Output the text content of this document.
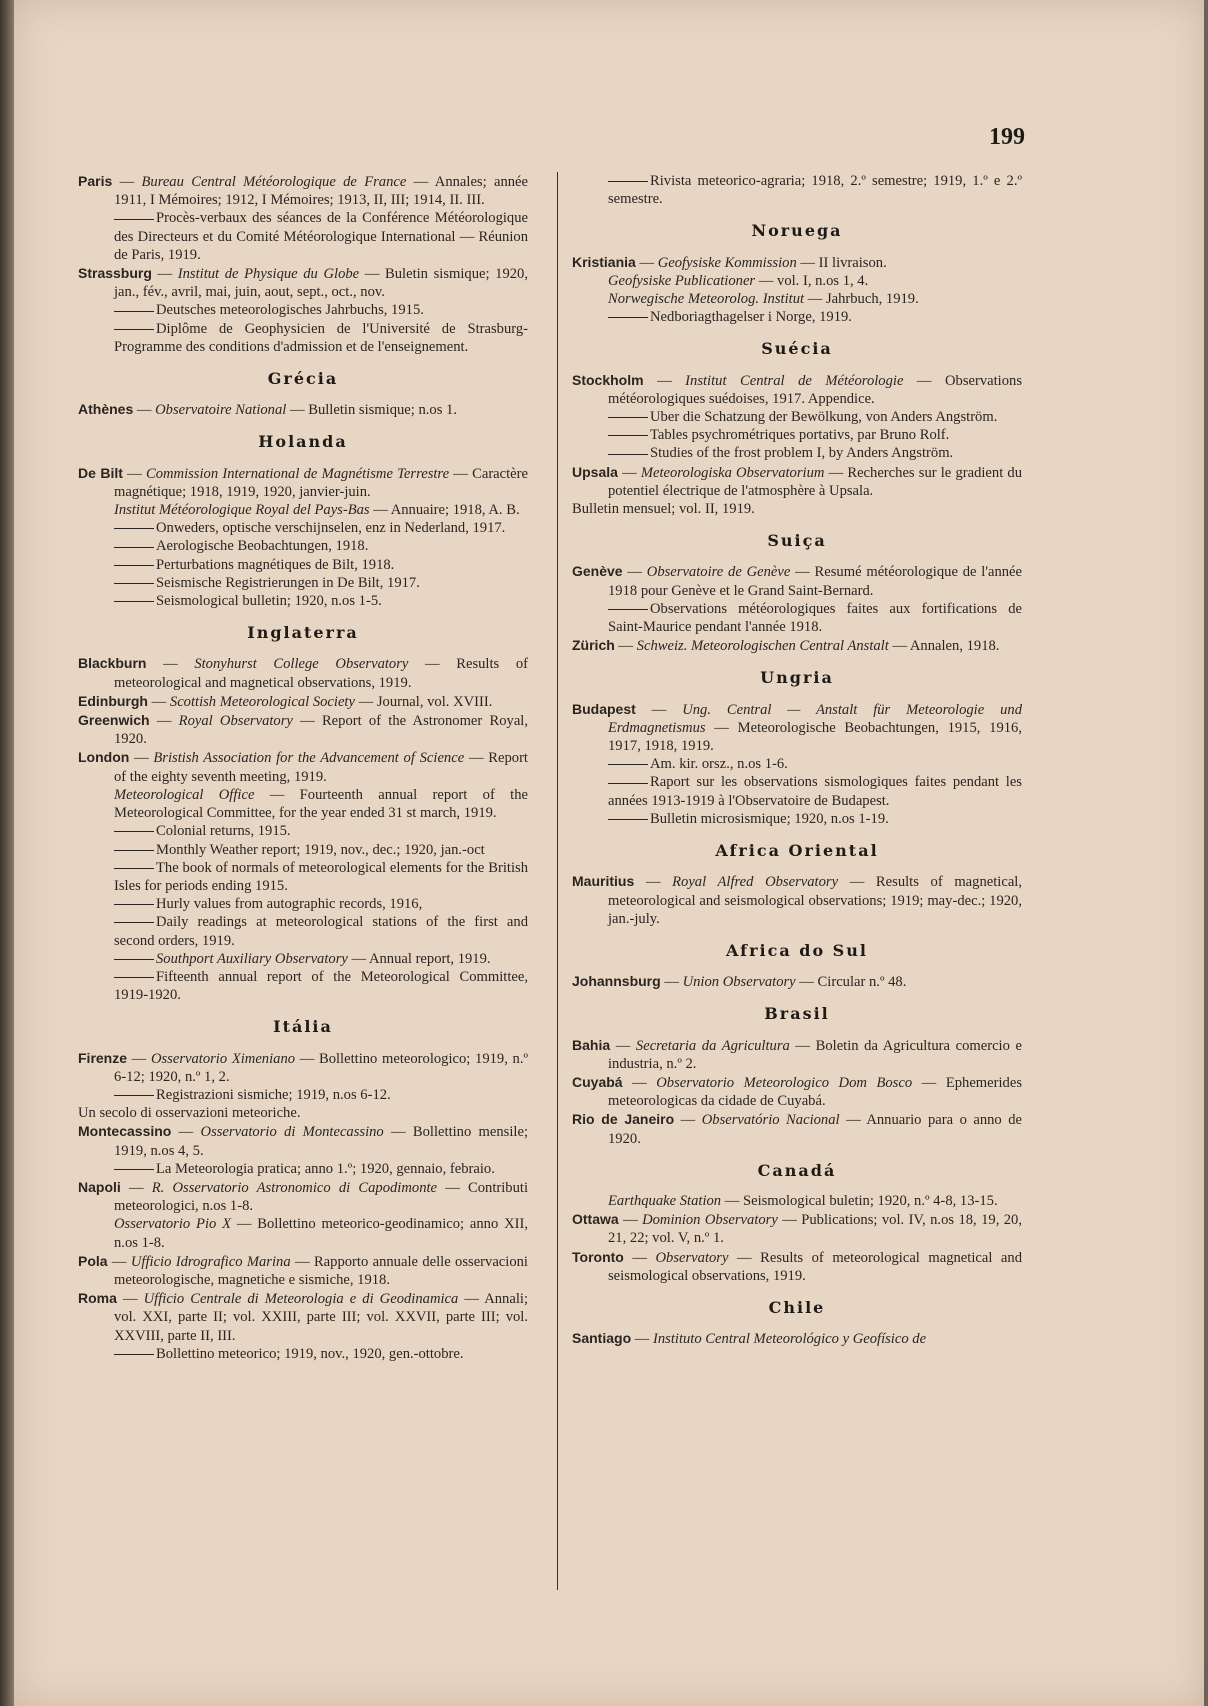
199

Paris — Bureau Central Météorologique de France — Annales; année 1911, I Mémoires; 1912, I Mémoires; 1913, II, III; 1914, II. III.

Procès-verbaux des séances de la Conférence Météorologique des Directeurs et du Comité Météorologique International — Réunion de Paris, 1919.

Strassburg — Institut de Physique du Globe — Buletin sismique; 1920, jan., fév., avril, mai, juin, aout, sept., oct., nov.

Deutsches meteorologisches Jahrbuchs, 1915.

Diplôme de Geophysicien de l'Université de Strasburg-Programme des conditions d'admission et de l'enseignement.

Grécia

Athènes — Observatoire National — Bulletin sismique; n.os 1.

Holanda

De Bilt — Commission International de Magnétisme Terrestre — Caractère magnétique; 1918, 1919, 1920, janvier-juin.

Institut Météorologique Royal del Pays-Bas — Annuaire; 1918, A. B.

Onweders, optische verschijnselen, enz in Nederland, 1917.

Aerologische Beobachtungen, 1918.

Perturbations magnétiques de Bilt, 1918.

Seismische Registrierungen in De Bilt, 1917.

Seismological bulletin; 1920, n.os 1-5.

Inglaterra

Blackburn — Stonyhurst College Observatory — Results of meteorological and magnetical observations, 1919.

Edinburgh — Scottish Meteorological Society — Journal, vol. XVIII.

Greenwich — Royal Observatory — Report of the Astronomer Royal, 1920.

London — Bristish Association for the Advancement of Science — Report of the eighty seventh meeting, 1919.

Meteorological Office — Fourteenth annual report of the Meteorological Committee, for the year ended 31 st march, 1919.

Colonial returns, 1915.

Monthly Weather report; 1919, nov., dec.; 1920, jan.-oct

The book of normals of meteorological elements for the British Isles for periods ending 1915.

Hurly values from autographic records, 1916,

Daily readings at meteorological stations of the first and second orders, 1919.

Southport Auxiliary Observatory — Annual report, 1919.

Fifteenth annual report of the Meteorological Committee, 1919-1920.

Itália

Firenze — Osservatorio Ximeniano — Bollettino meteorologico; 1919, n.º 6-12; 1920, n.º 1, 2.

Registrazioni sismiche; 1919, n.os 6-12.

Un secolo di osservazioni meteoriche.

Montecassino — Osservatorio di Montecassino — Bollettino mensile; 1919, n.os 4, 5.

La Meteorologia pratica; anno 1.º; 1920, gennaio, febraio.

Napoli — R. Osservatorio Astronomico di Capodimonte — Contributi meteorologici, n.os 1-8.

Osservatorio Pio X — Bollettino meteorico-geodinamico; anno XII, n.os 1-8.

Pola — Ufficio Idrografico Marina — Rapporto annuale delle osservacioni meteorologische, magnetiche e sismiche, 1918.

Roma — Ufficio Centrale di Meteorologia e di Geodinamica — Annali; vol. XXI, parte II; vol. XXIII, parte III; vol. XXVII, parte III; vol. XXVIII, parte II, III.

Bollettino meteorico; 1919, nov., 1920, gen.-ottobre.

Rivista meteorico-agraria; 1918, 2.º semestre; 1919, 1.º e 2.º semestre.

Noruega

Kristiania — Geofysiske Kommission — II livraison.

Geofysiske Publicationer — vol. I, n.os 1, 4.

Norwegische Meteorolog. Institut — Jahrbuch, 1919.

Nedboriagthagelser i Norge, 1919.

Suécia

Stockholm — Institut Central de Météorologie — Observations météorologiques suédoises, 1917. Appendice.

Uber die Schatzung der Bewölkung, von Anders Angström.

Tables psychrométriques portativs, par Bruno Rolf.

Studies of the frost problem I, by Anders Angström.

Upsala — Meteorologiska Observatorium — Recherches sur le gradient du potentiel électrique de l'atmosphère à Upsala.

Bulletin mensuel; vol. II, 1919.

Suiça

Genève — Observatoire de Genève — Resumé météorologique de l'année 1918 pour Genève et le Grand Saint-Bernard.

Observations météorologiques faites aux fortifications de Saint-Maurice pendant l'année 1918.

Zürich — Schweiz. Meteorologischen Central Anstalt — Annalen, 1918.

Ungria

Budapest — Ung. Central — Anstalt für Meteorologie und Erdmagnetismus — Meteorologische Beobachtungen, 1915, 1916, 1917, 1918, 1919.

Am. kir. orsz., n.os 1-6.

Raport sur les observations sismologiques faites pendant les années 1913-1919 à l'Observatoire de Budapest.

Bulletin microsismique; 1920, n.os 1-19.

Africa Oriental

Mauritius — Royal Alfred Observatory — Results of magnetical, meteorological and seismological observations; 1919; may-dec.; 1920, jan.-july.

Africa do Sul

Johannsburg — Union Observatory — Circular n.º 48.

Brasil

Bahia — Secretaria da Agricultura — Boletin da Agricultura comercio e industria, n.º 2.

Cuyabá — Observatorio Meteorologico Dom Bosco — Ephemerides meteorologicas da cidade de Cuyabá.

Rio de Janeiro — Observatório Nacional — Annuario para o anno de 1920.

Canadá

Earthquake Station — Seismological buletin; 1920, n.º 4-8, 13-15.

Ottawa — Dominion Observatory — Publications; vol. IV, n.os 18, 19, 20, 21, 22; vol. V, n.º 1.

Toronto — Observatory — Results of meteorological magnetical and seismological observations, 1919.

Chile

Santiago — Instituto Central Meteorológico y Geofísico de
